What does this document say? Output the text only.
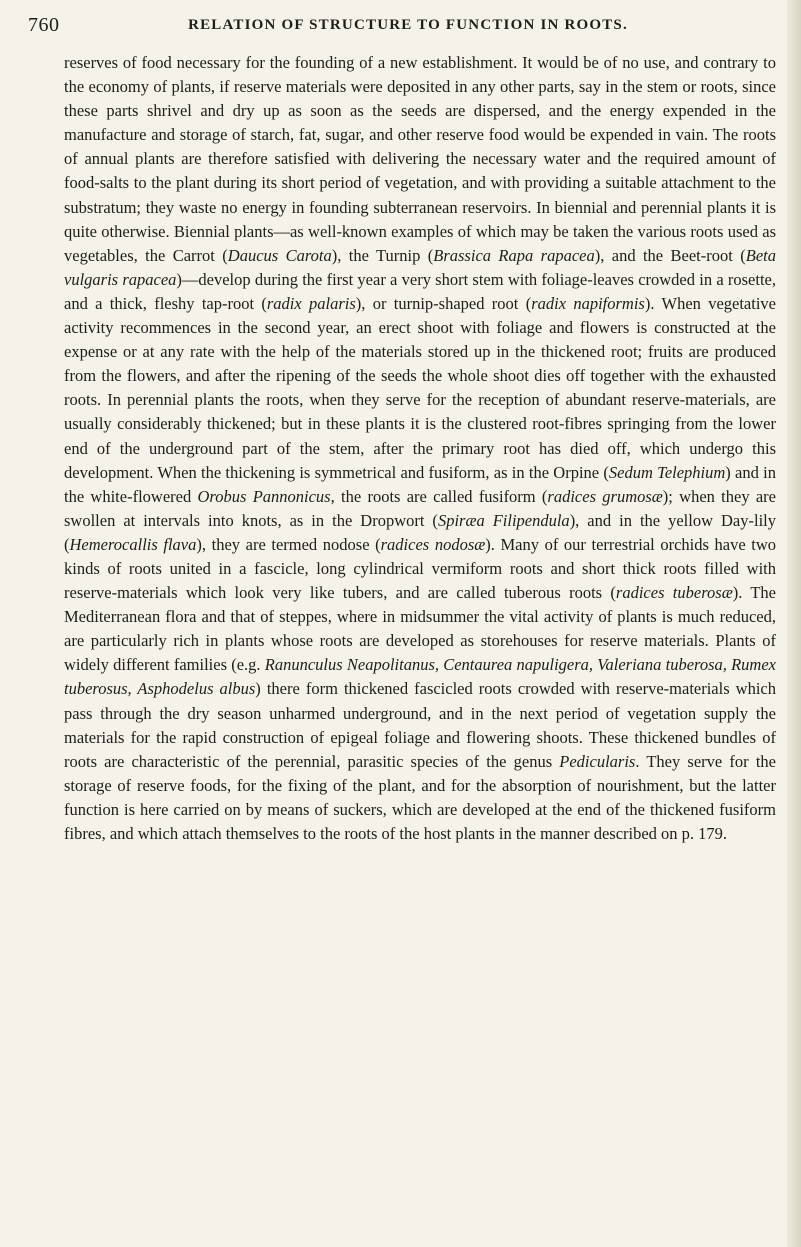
760	RELATION OF STRUCTURE TO FUNCTION IN ROOTS.

reserves of food necessary for the founding of a new establishment. It would be of no use, and contrary to the economy of plants, if reserve materials were deposited in any other parts, say in the stem or roots, since these parts shrivel and dry up as soon as the seeds are dispersed, and the energy expended in the manufacture and storage of starch, fat, sugar, and other reserve food would be expended in vain. The roots of annual plants are therefore satisfied with delivering the necessary water and the required amount of food-salts to the plant during its short period of vegetation, and with providing a suitable attachment to the substratum; they waste no energy in founding subterranean reservoirs. In biennial and perennial plants it is quite otherwise. Biennial plants—as well-known examples of which may be taken the various roots used as vegetables, the Carrot (Daucus Carota), the Turnip (Brassica Rapa rapacea), and the Beet-root (Beta vulgaris rapacea)—develop during the first year a very short stem with foliage-leaves crowded in a rosette, and a thick, fleshy tap-root (radix palaris), or turnip-shaped root (radix napiformis). When vegetative activity recommences in the second year, an erect shoot with foliage and flowers is constructed at the expense or at any rate with the help of the materials stored up in the thickened root; fruits are produced from the flowers, and after the ripening of the seeds the whole shoot dies off together with the exhausted roots. In perennial plants the roots, when they serve for the reception of abundant reserve-materials, are usually considerably thickened; but in these plants it is the clustered root-fibres springing from the lower end of the underground part of the stem, after the primary root has died off, which undergo this development. When the thickening is symmetrical and fusiform, as in the Orpine (Sedum Telephium) and in the white-flowered Orobus Pannonicus, the roots are called fusiform (radices grumosæ); when they are swollen at intervals into knots, as in the Dropwort (Spiræa Filipendula), and in the yellow Day-lily (Hemerocallis flava), they are termed nodose (radices nodosæ). Many of our terrestrial orchids have two kinds of roots united in a fascicle, long cylindrical vermiform roots and short thick roots filled with reserve-materials which look very like tubers, and are called tuberous roots (radices tuberosæ). The Mediterranean flora and that of steppes, where in midsummer the vital activity of plants is much reduced, are particularly rich in plants whose roots are developed as storehouses for reserve materials. Plants of widely different families (e.g. Ranunculus Neapolitanus, Centaurea napuligera, Valeriana tuberosa, Rumex tuberosus, Asphodelus albus) there form thickened fascicled roots crowded with reserve-materials which pass through the dry season unharmed underground, and in the next period of vegetation supply the materials for the rapid construction of epigeal foliage and flowering shoots. These thickened bundles of roots are characteristic of the perennial, parasitic species of the genus Pedicularis. They serve for the storage of reserve foods, for the fixing of the plant, and for the absorption of nourishment, but the latter function is here carried on by means of suckers, which are developed at the end of the thickened fusiform fibres, and which attach themselves to the roots of the host plants in the manner described on p. 179.
